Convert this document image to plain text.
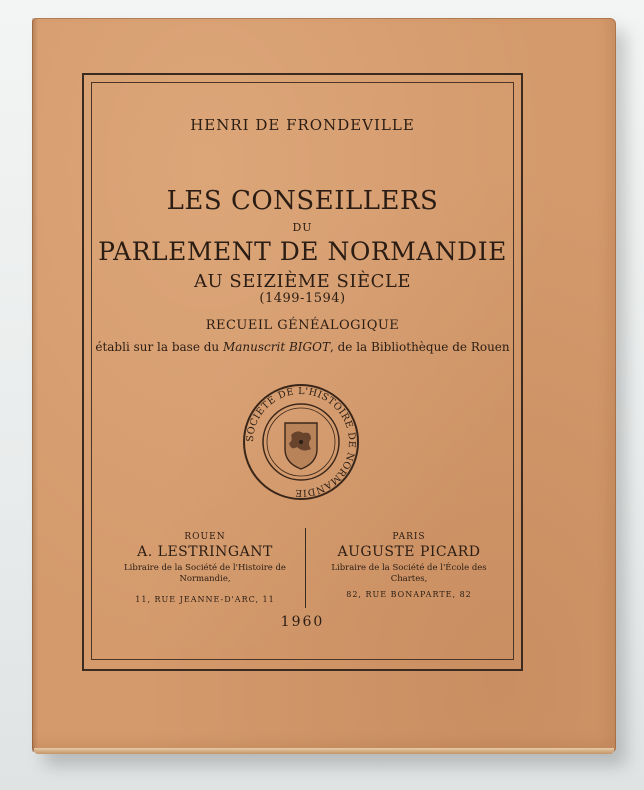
HENRI DE FRONDEVILLE
LES CONSEILLERS
DU
PARLEMENT DE NORMANDIE
AU SEIZIÈME SIÈCLE
(1499-1594)
RECUEIL GÉNÉALOGIQUE
établi sur la base du Manuscrit BIGOT, de la Bibliothèque de Rouen
SOCIÉTÉ DE L'HISTOIRE DE NORMANDIE
ROUEN
A. LESTRINGANT
Libraire de la Société de l'Histoire de Normandie,
11, RUE JEANNE-D'ARC, 11
PARIS
AUGUSTE PICARD
Libraire de la Société de l'École des Chartes,
82, RUE BONAPARTE, 82
1960
